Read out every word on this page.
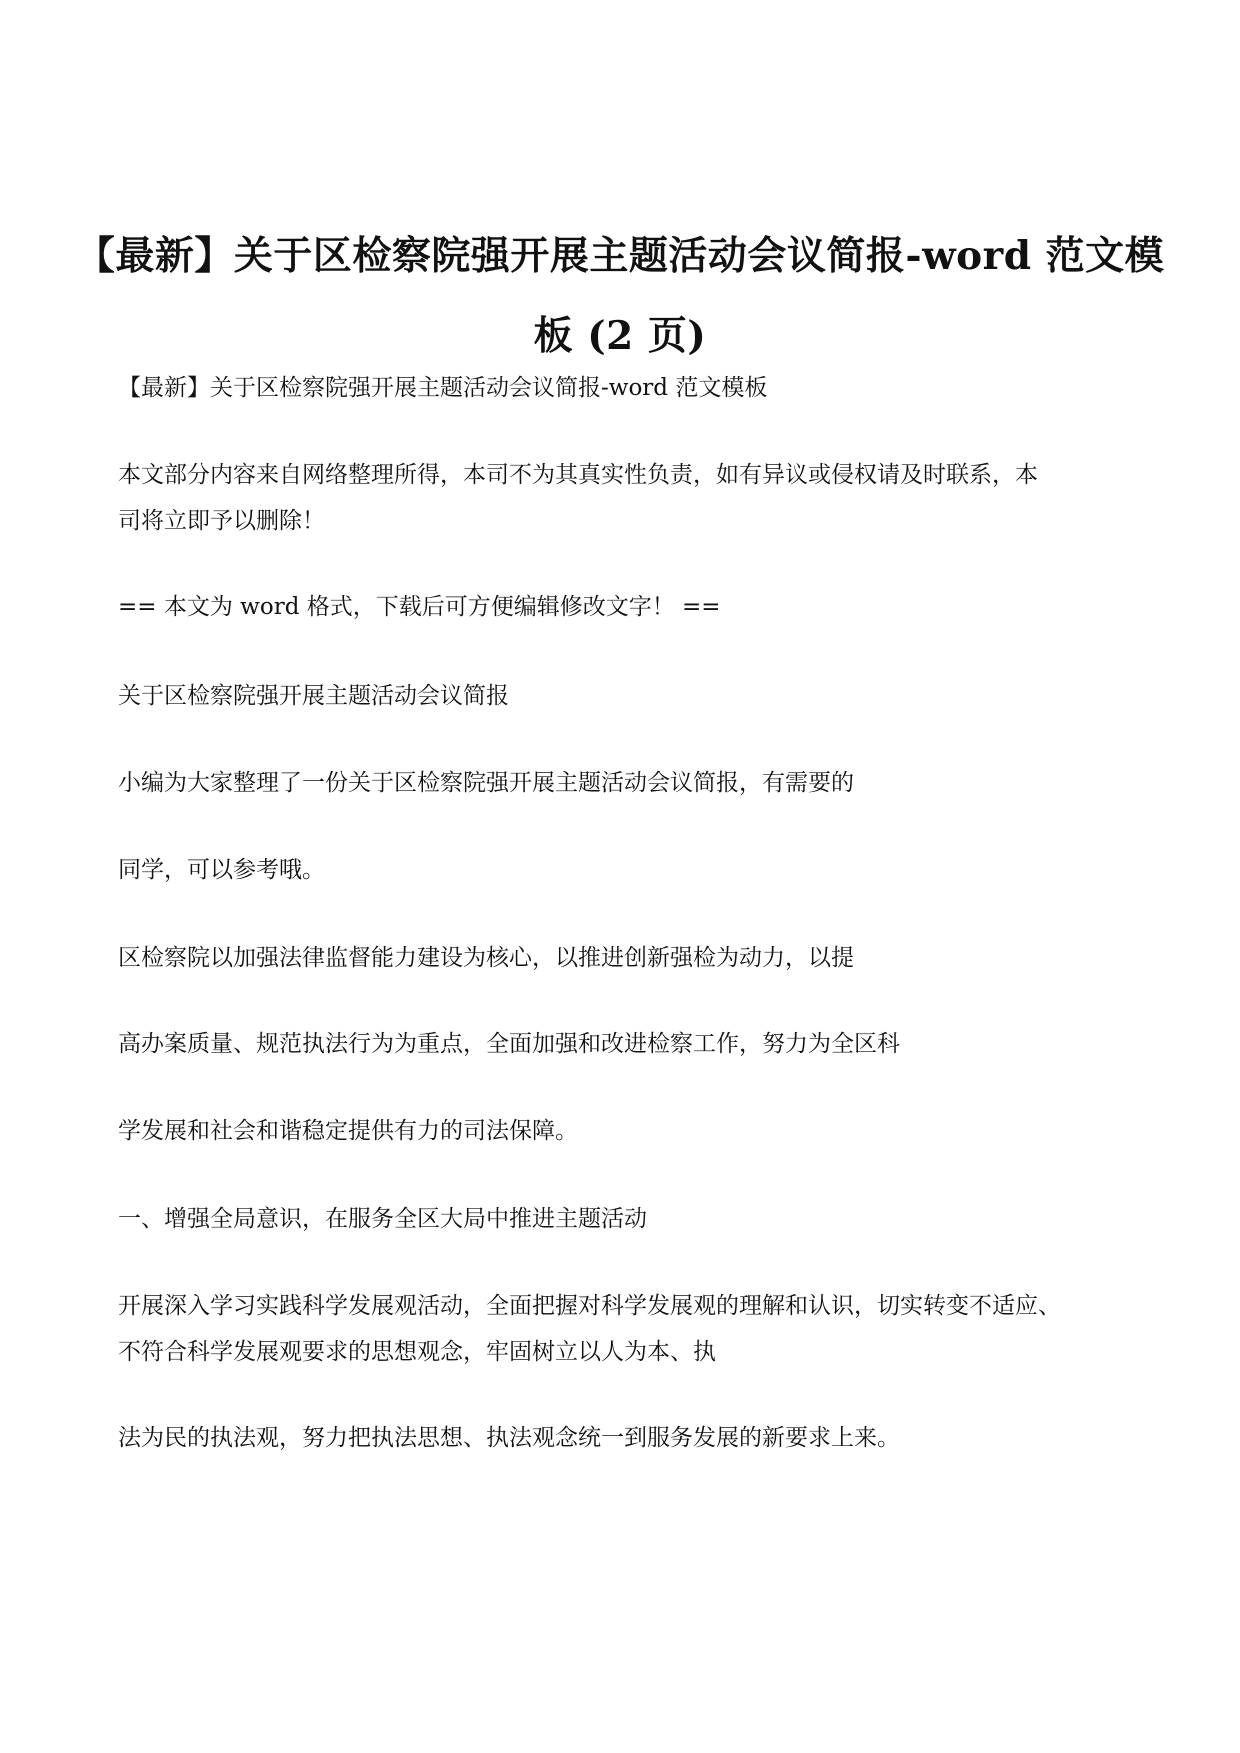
【最新】关于区检察院强开展主题活动会议简报-word 范文模
板 (2 页)
【最新】关于区检察院强开展主题活动会议简报-word 范文模板
本文部分内容来自网络整理所得，本司不为其真实性负责，如有异议或侵权请及时联系，本
司将立即予以删除！
== 本文为 word 格式，下载后可方便编辑修改文字！ ==
关于区检察院强开展主题活动会议简报
小编为大家整理了一份关于区检察院强开展主题活动会议简报，有需要的
同学，可以参考哦。
区检察院以加强法律监督能力建设为核心，以推进创新强检为动力，以提
高办案质量、规范执法行为为重点，全面加强和改进检察工作，努力为全区科
学发展和社会和谐稳定提供有力的司法保障。
一、增强全局意识，在服务全区大局中推进主题活动
开展深入学习实践科学发展观活动，全面把握对科学发展观的理解和认识，切实转变不适应、
不符合科学发展观要求的思想观念，牢固树立以人为本、执
法为民的执法观，努力把执法思想、执法观念统一到服务发展的新要求上来。
